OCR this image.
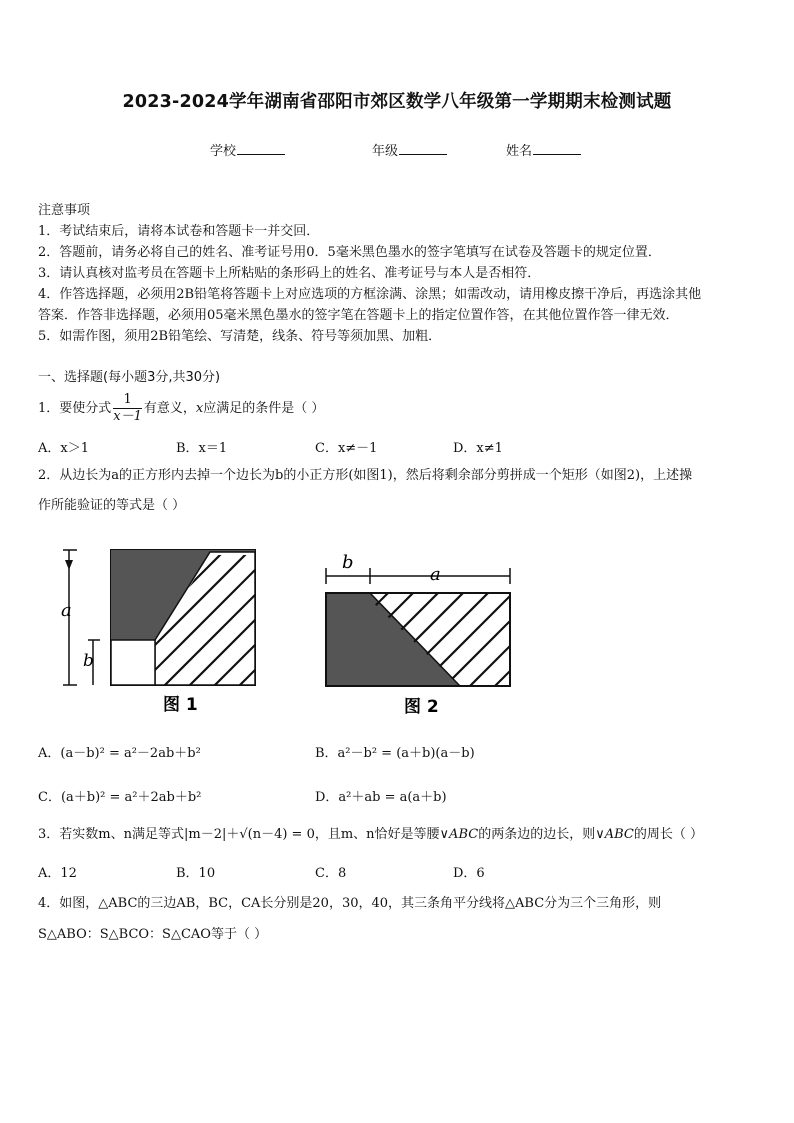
2023-2024学年湖南省邵阳市郊区数学八年级第一学期期末检测试题
学校	年级	姓名
注意事项
1．考试结束后，请将本试卷和答题卡一并交回．
2．答题前，请务必将自己的姓名、准考证号用0．5毫米黑色墨水的签字笔填写在试卷及答题卡的规定位置．
3．请认真核对监考员在答题卡上所粘贴的条形码上的姓名、准考证号与本人是否相符．
4．作答选择题，必须用2B铅笔将答题卡上对应选项的方框涂满、涂黑；如需改动，请用橡皮擦干净后，再选涂其他
答案．作答非选择题，必须用05毫米黑色墨水的签字笔在答题卡上的指定位置作答，在其他位置作答一律无效．
5．如需作图，须用2B铅笔绘、写清楚，线条、符号等须加黑、加粗．
一、选择题(每小题3分,共30分)
1．要使分式 $\frac{1}{x-1}$ 有意义，x应满足的条件是（ ）
A．x＞1	B．x＝1	C．x≠－1	D．x≠1
2．从边长为a的正方形内去掉一个边长为b的小正方形(如图1)，然后将剩余部分剪拼成一个矩形（如图2)，上述操
作所能验证的等式是（ ）
a
b
图 1
b
a
图 2
A．(a－b)² = a²－2ab＋b²	B．a²－b² = (a＋b)(a－b)
C．(a＋b)² = a²＋2ab＋b²	D．a²＋ab = a(a＋b)
3．若实数m、n满足等式|m－2|＋√(n－4) = 0，且m、n恰好是等腰∨ABC的两条边的边长，则∨ABC的周长（ ）
A．12	B．10	C．8	D．6
4．如图，△ABC的三边AB，BC，CA长分别是20，30，40，其三条角平分线将△ABC分为三个三角形，则
S△ABO：S△BCO：S△CAO等于（ ）
